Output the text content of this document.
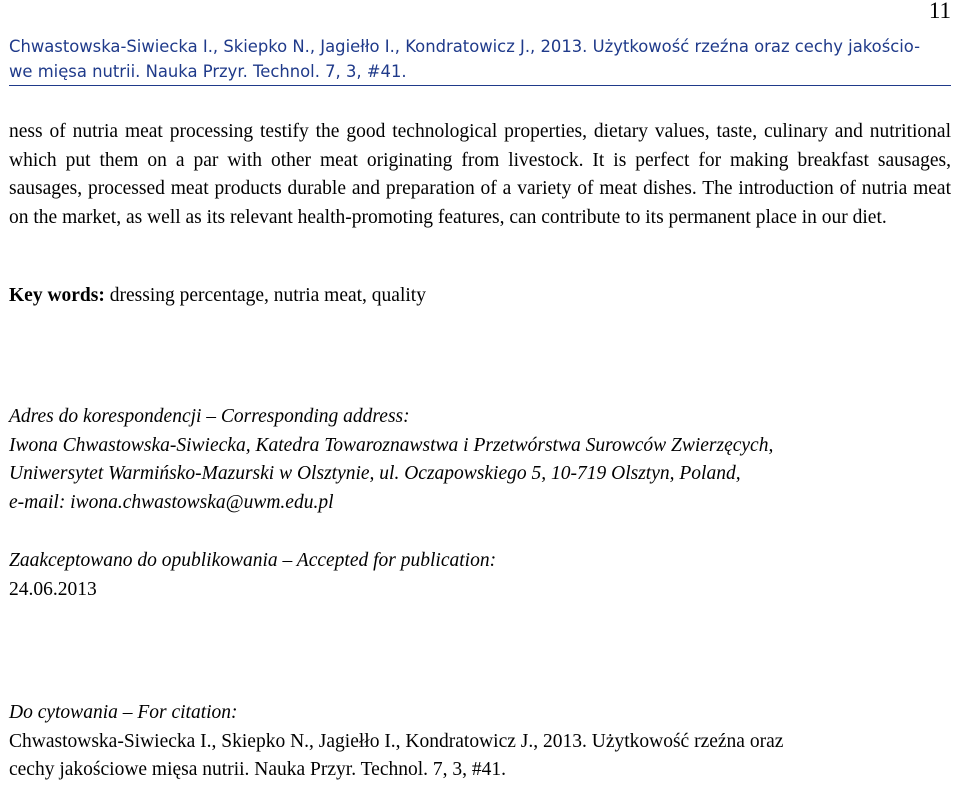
11
Chwastowska-Siwiecka I., Skiepko N., Jagiełło I., Kondratowicz J., 2013. Użytkowość rzeźna oraz cechy jakościo-
we mięsa nutrii. Nauka Przyr. Technol. 7, 3, #41.

ness of nutria meat processing testify the good technological properties, dietary values, taste, culinary and nutritional which put them on a par with other meat originating from livestock. It is perfect for making breakfast sausages, sausages, processed meat products durable and preparation of a variety of meat dishes. The introduction of nutria meat on the market, as well as its relevant health-promoting features, can contribute to its permanent place in our diet.

Key words: dressing percentage, nutria meat, quality
Adres do korespondencji – Corresponding address:
Iwona Chwastowska-Siwiecka, Katedra Towaroznawstwa i Przetwórstwa Surowców Zwierzęcych,
Uniwersytet Warmińsko-Mazurski w Olsztynie, ul. Oczapowskiego 5, 10-719 Olsztyn, Poland,
e-mail: iwona.chwastowska@uwm.edu.pl
Zaakceptowano do opublikowania – Accepted for publication:
24.06.2013
Do cytowania – For citation:
Chwastowska-Siwiecka I., Skiepko N., Jagiełło I., Kondratowicz J., 2013. Użytkowość rzeźna oraz
cechy jakościowe mięsa nutrii. Nauka Przyr. Technol. 7, 3, #41.
